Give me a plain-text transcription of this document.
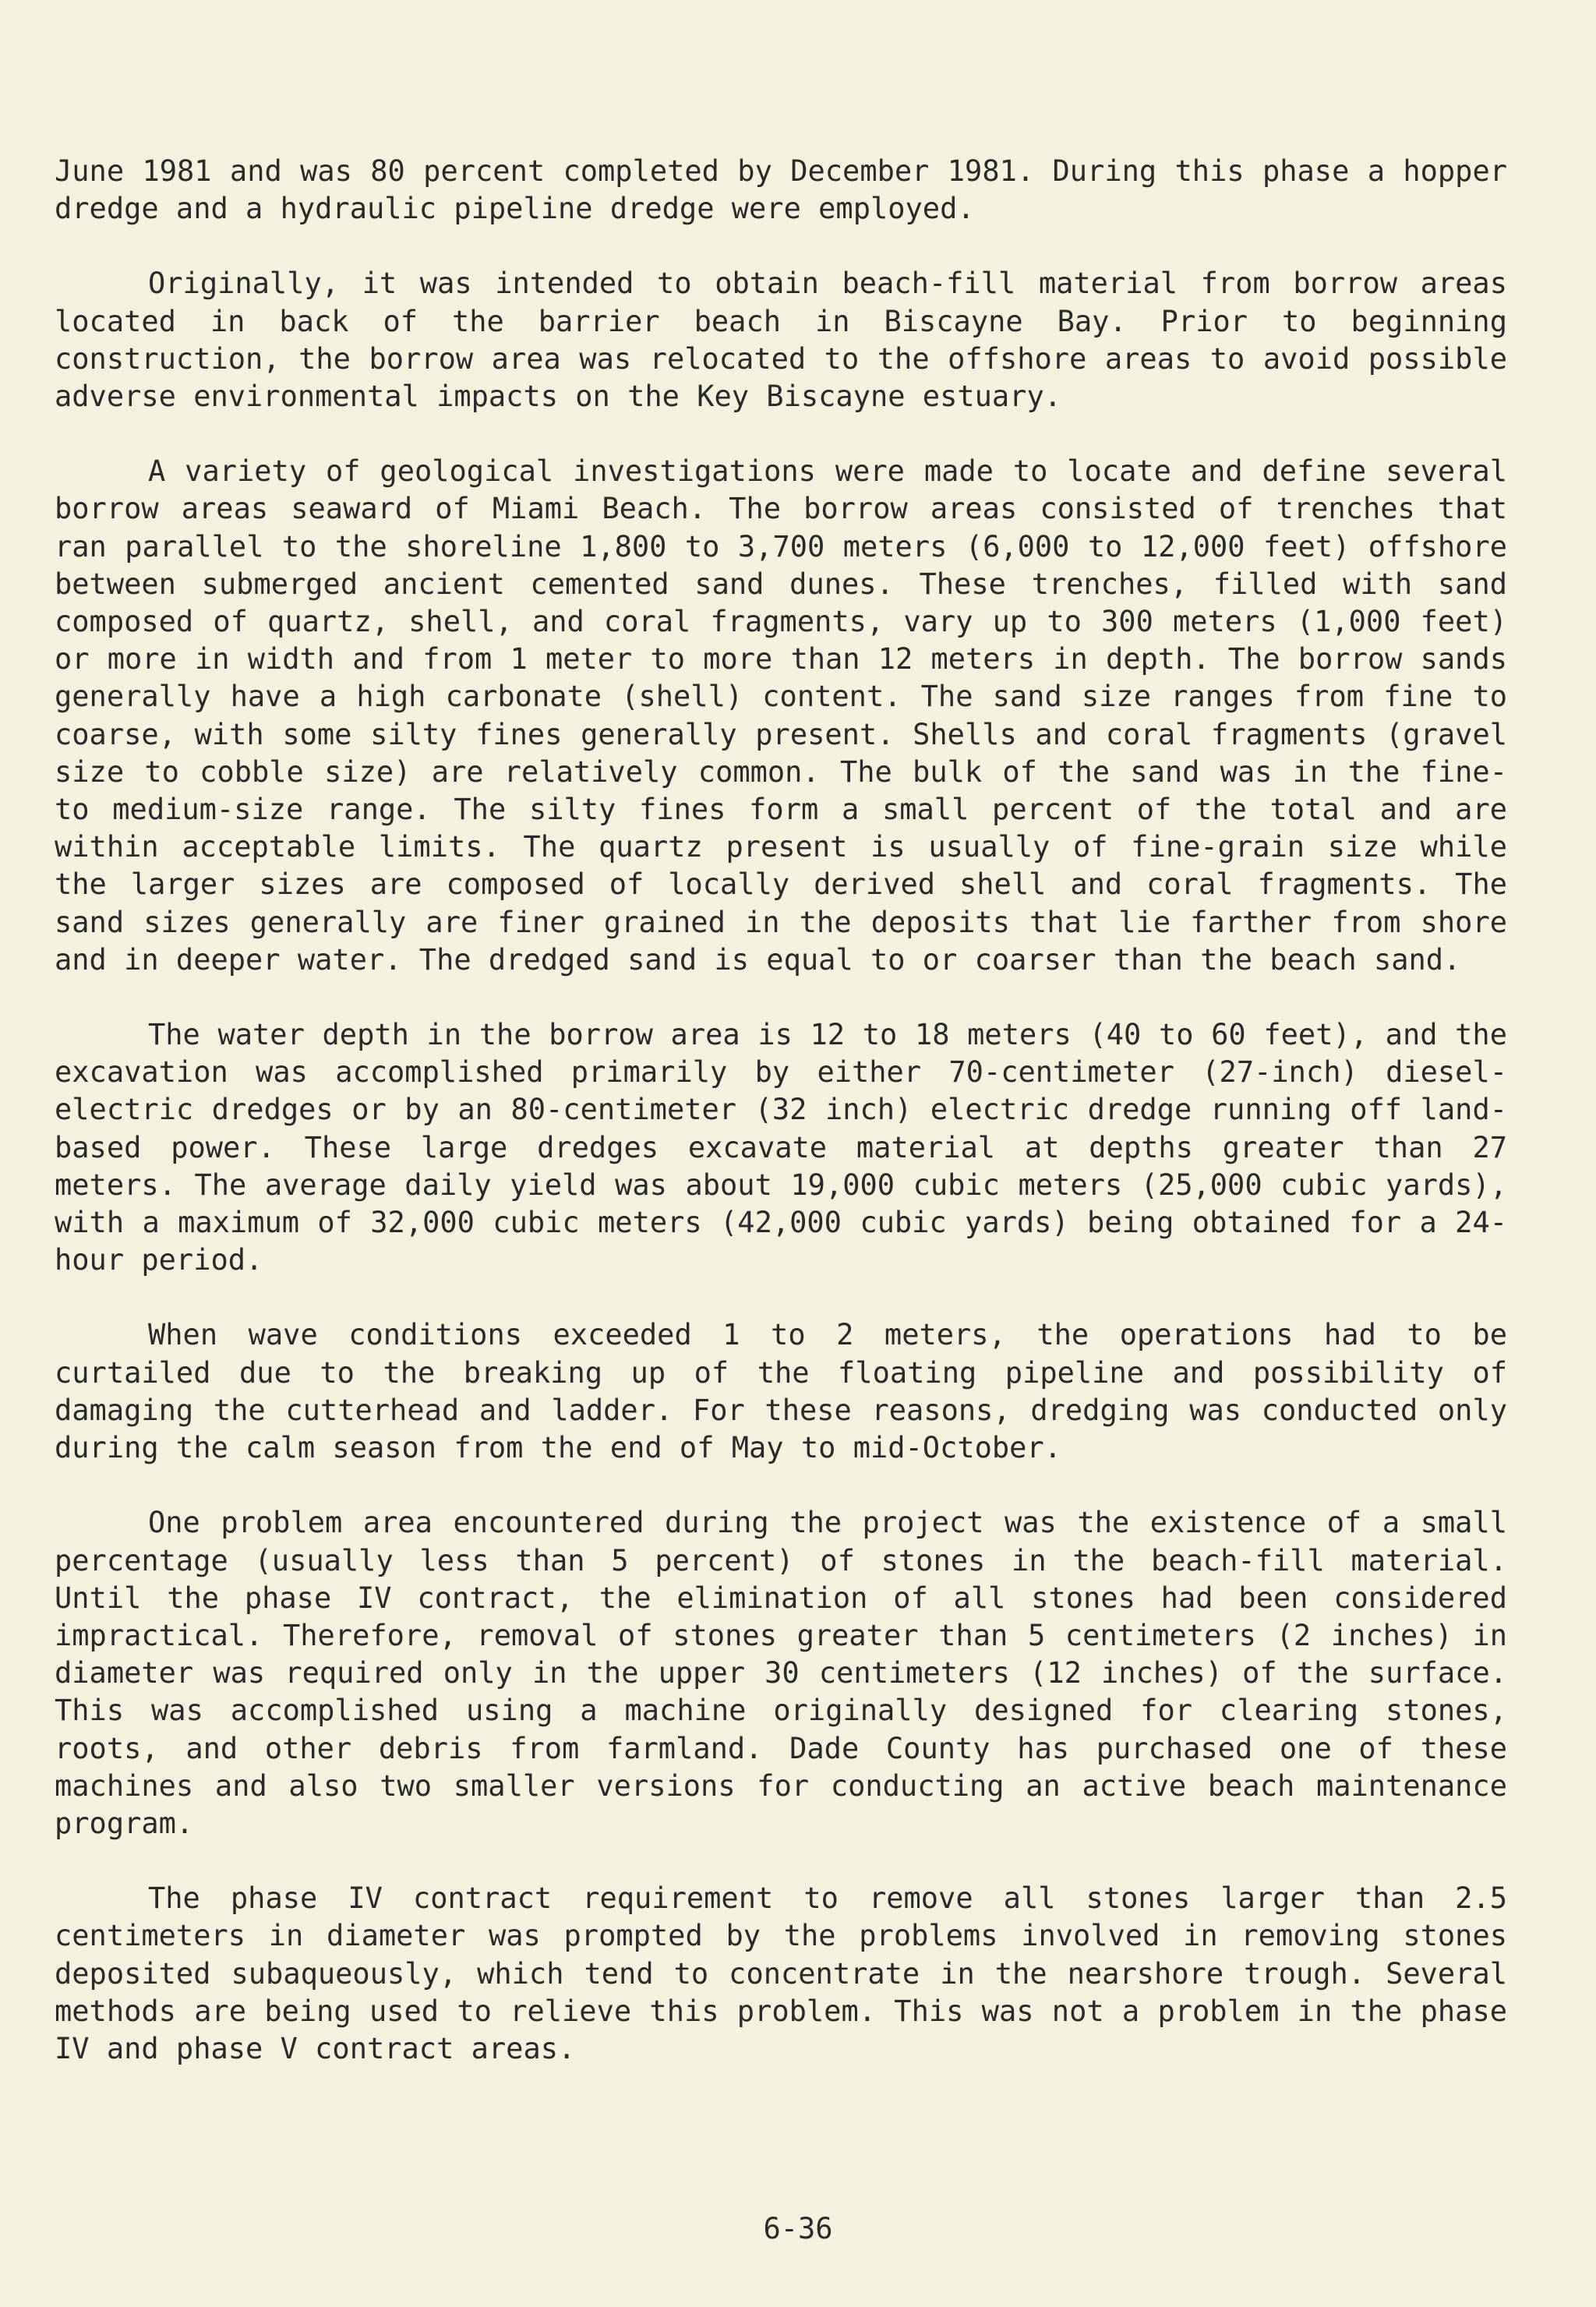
June 1981 and was 80 percent completed by December 1981. During this phase a hopper dredge and a hydraulic pipeline dredge were employed.

Originally, it was intended to obtain beach-fill material from borrow areas located in back of the barrier beach in Biscayne Bay. Prior to beginning construction, the borrow area was relocated to the offshore areas to avoid possible adverse environmental impacts on the Key Biscayne estuary.

A variety of geological investigations were made to locate and define several borrow areas seaward of Miami Beach. The borrow areas consisted of trenches that ran parallel to the shoreline 1,800 to 3,700 meters (6,000 to 12,000 feet) offshore between submerged ancient cemented sand dunes. These trenches, filled with sand composed of quartz, shell, and coral fragments, vary up to 300 meters (1,000 feet) or more in width and from 1 meter to more than 12 meters in depth. The borrow sands generally have a high carbonate (shell) content. The sand size ranges from fine to coarse, with some silty fines generally present. Shells and coral fragments (gravel size to cobble size) are relatively common. The bulk of the sand was in the fine- to medium-size range. The silty fines form a small percent of the total and are within acceptable limits. The quartz present is usually of fine-grain size while the larger sizes are composed of locally derived shell and coral fragments. The sand sizes generally are finer grained in the deposits that lie farther from shore and in deeper water. The dredged sand is equal to or coarser than the beach sand.

The water depth in the borrow area is 12 to 18 meters (40 to 60 feet), and the excavation was accomplished primarily by either 70-centimeter (27-inch) diesel-electric dredges or by an 80-centimeter (32 inch) electric dredge running off land-based power. These large dredges excavate material at depths greater than 27 meters. The average daily yield was about 19,000 cubic meters (25,000 cubic yards), with a maximum of 32,000 cubic meters (42,000 cubic yards) being obtained for a 24-hour period.

When wave conditions exceeded 1 to 2 meters, the operations had to be curtailed due to the breaking up of the floating pipeline and possibility of damaging the cutterhead and ladder. For these reasons, dredging was conducted only during the calm season from the end of May to mid-October.

One problem area encountered during the project was the existence of a small percentage (usually less than 5 percent) of stones in the beach-fill material. Until the phase IV contract, the elimination of all stones had been considered impractical. Therefore, removal of stones greater than 5 centimeters (2 inches) in diameter was required only in the upper 30 centimeters (12 inches) of the surface. This was accomplished using a machine originally designed for clearing stones, roots, and other debris from farmland. Dade County has purchased one of these machines and also two smaller versions for conducting an active beach maintenance program.

The phase IV contract requirement to remove all stones larger than 2.5 centimeters in diameter was prompted by the problems involved in removing stones deposited subaqueously, which tend to concentrate in the nearshore trough. Several methods are being used to relieve this problem. This was not a problem in the phase IV and phase V contract areas.

6-36
